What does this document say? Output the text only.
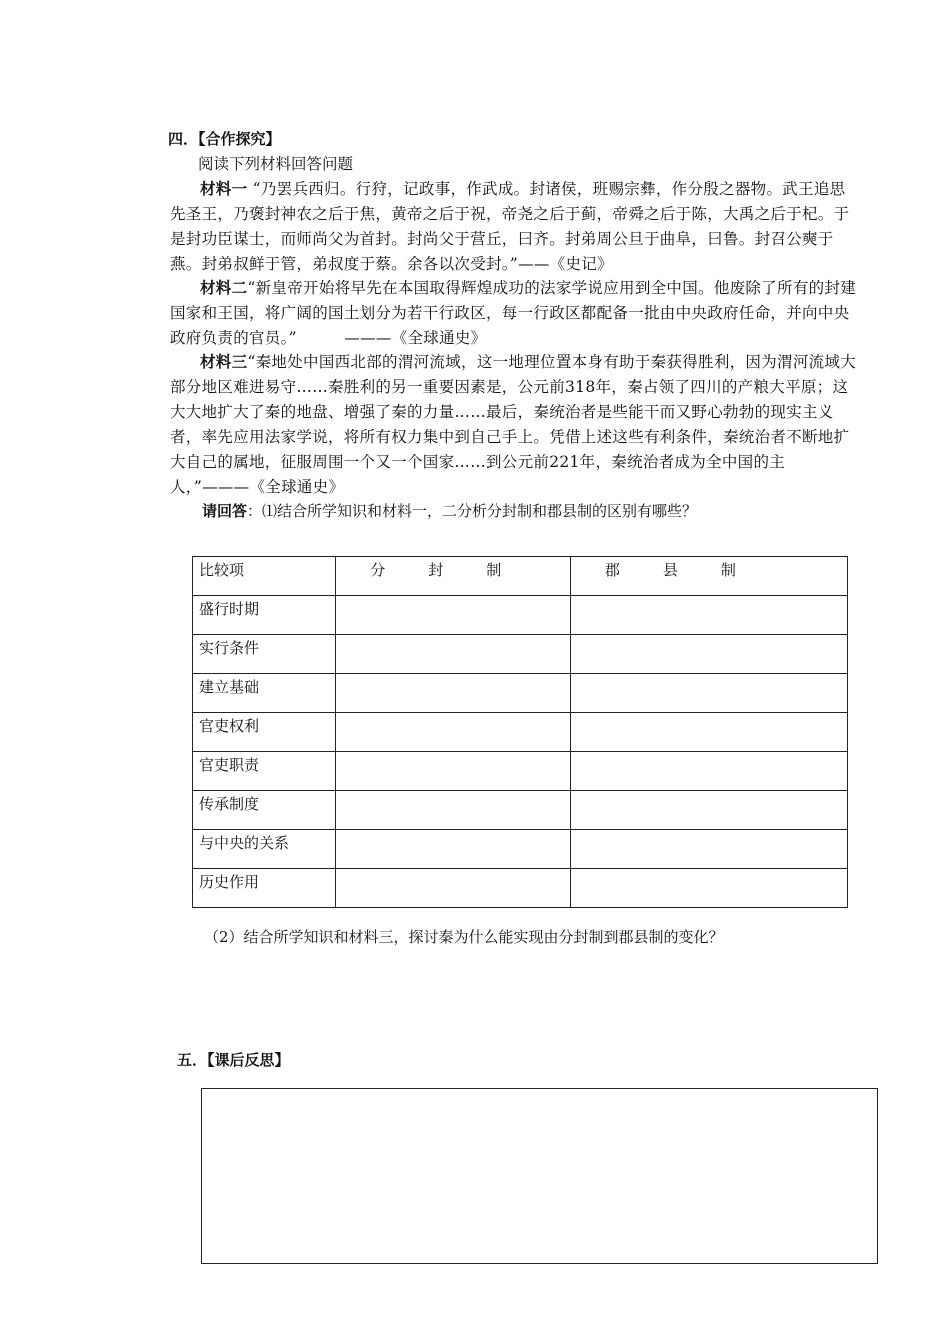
四．【合作探究】
阅读下列材料回答问题
材料一 “乃罢兵西归。行狩，记政事，作武成。封诸侯，班赐宗彝，作分殷之器物。武王追思先圣王，乃褒封神农之后于焦，黄帝之后于祝，帝尧之后于蓟，帝舜之后于陈，大禹之后于杞。于是封功臣谋士，而师尚父为首封。封尚父于营丘，曰齐。封弟周公旦于曲阜，曰鲁。封召公奭于燕。封弟叔鲜于管，弟叔度于蔡。余各以次受封。”——《史记》
材料二“新皇帝开始将早先在本国取得辉煌成功的法家学说应用到全中国。他废除了所有的封建国家和王国，将广阔的国土划分为若干行政区，每一行政区都配备一批由中央政府任命，并向中央政府负责的官员。”　　　———《全球通史》
材料三“秦地处中国西北部的渭河流域，这一地理位置本身有助于秦获得胜利，因为渭河流域大部分地区难进易守……秦胜利的另一重要因素是，公元前318年，秦占领了四川的产粮大平原；这大大地扩大了秦的地盘、增强了秦的力量……最后，秦统治者是些能干而又野心勃勃的现实主义者，率先应用法家学说，将所有权力集中到自己手上。凭借上述这些有利条件，秦统治者不断地扩大自己的属地，征服周围一个又一个国家……到公元前221年，秦统治者成为全中国的主人，”———《全球通史》
请回答：⑴结合所学知识和材料一，二分析分封制和郡县制的区别有哪些？
比较项	分　封　制	郡　县　制
盛行时期		
实行条件		
建立基础		
官吏权利		
官吏职责		
传承制度		
与中央的关系		
历史作用		
（2）结合所学知识和材料三，探讨秦为什么能实现由分封制到郡县制的变化？
五．【课后反思】
